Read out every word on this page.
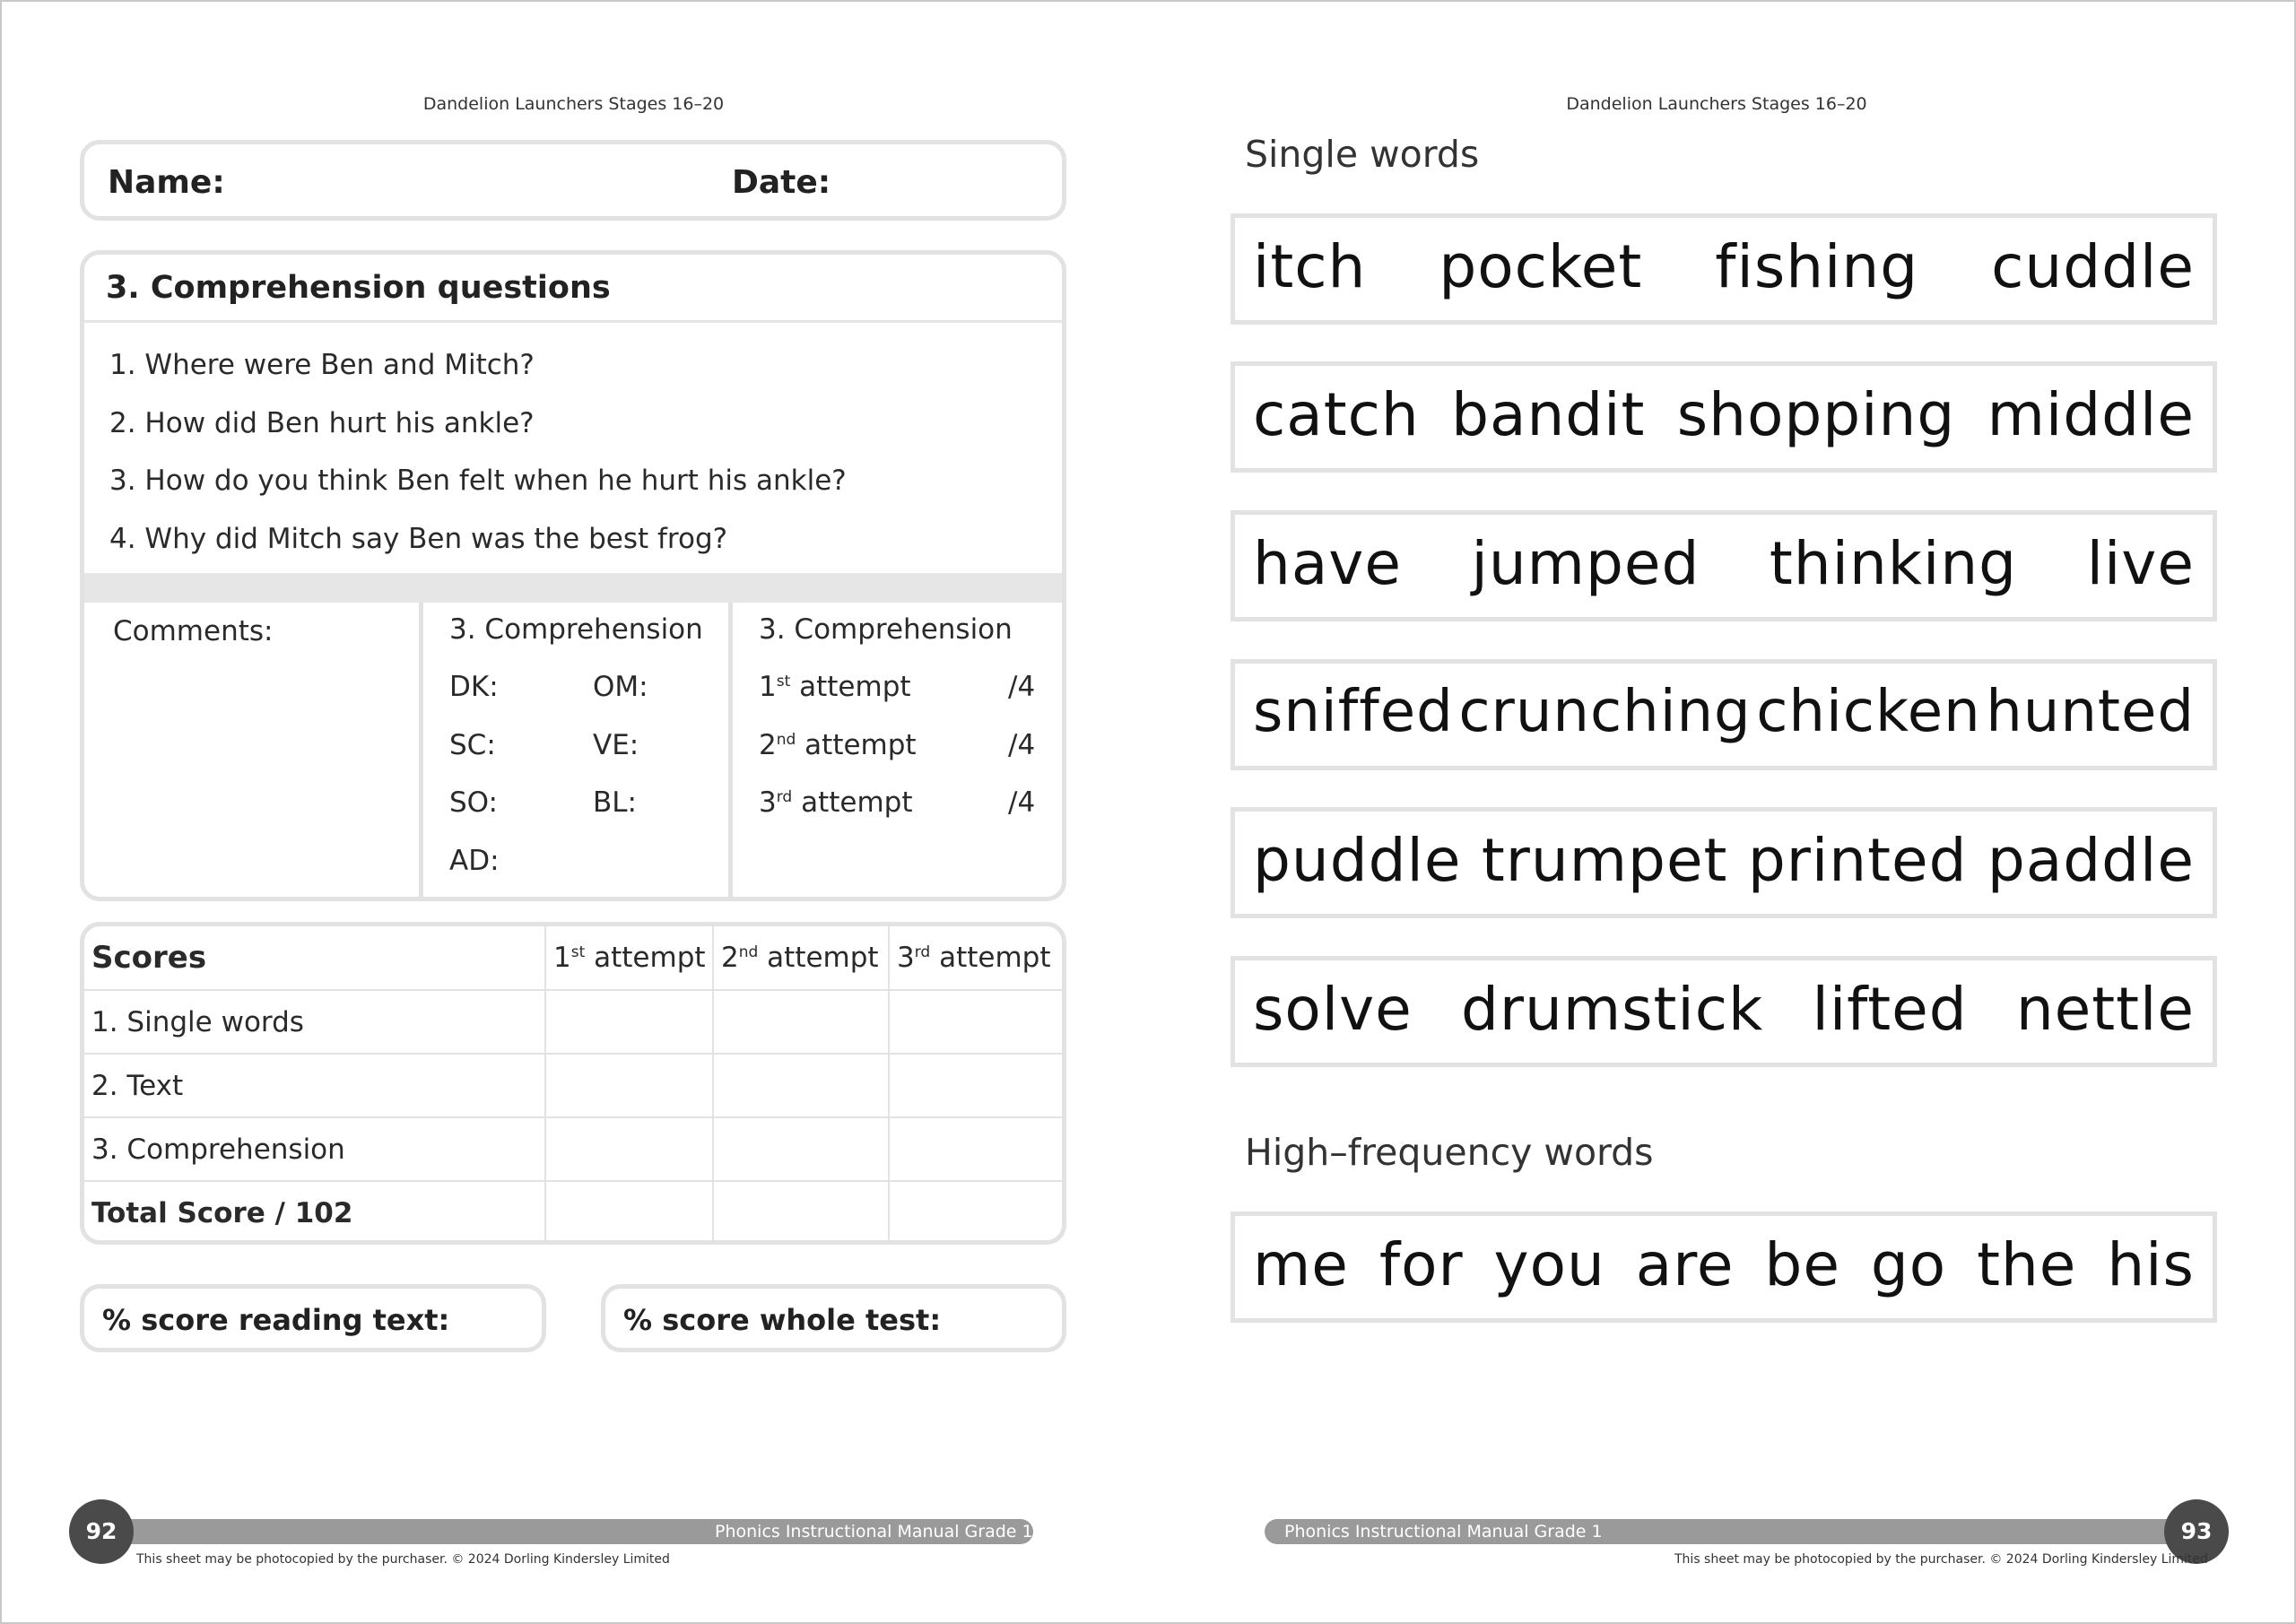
Dandelion Launchers Stages 16–20
Name:	Date:
3. Comprehension questions
1. Where were Ben and Mitch?
2. How did Ben hurt his ankle?
3. How do you think Ben felt when he hurt his ankle?
4. Why did Mitch say Ben was the best frog?
Comments:	3. Comprehension
DK:	OM:
SC:	VE:
SO:	BL:
AD:
3. Comprehension
1st attempt	/4
2nd attempt	/4
3rd attempt	/4
Scores	1st attempt	2nd attempt	3rd attempt
1. Single words			
2. Text			
3. Comprehension			
Total Score / 102			
% score reading text:	% score whole test:
Phonics Instructional Manual Grade 1
92
This sheet may be photocopied by the purchaser. © 2024 Dorling Kindersley Limited
Dandelion Launchers Stages 16–20
Single words
itch pocket fishing cuddle
catch bandit shopping middle
have jumped thinking live
sniffed crunching chicken hunted
puddle trumpet printed paddle
solve drumstick lifted nettle
High–frequency words
me for you are be go the his
Phonics Instructional Manual Grade 1	93
This sheet may be photocopied by the purchaser. © 2024 Dorling Kindersley Limited
